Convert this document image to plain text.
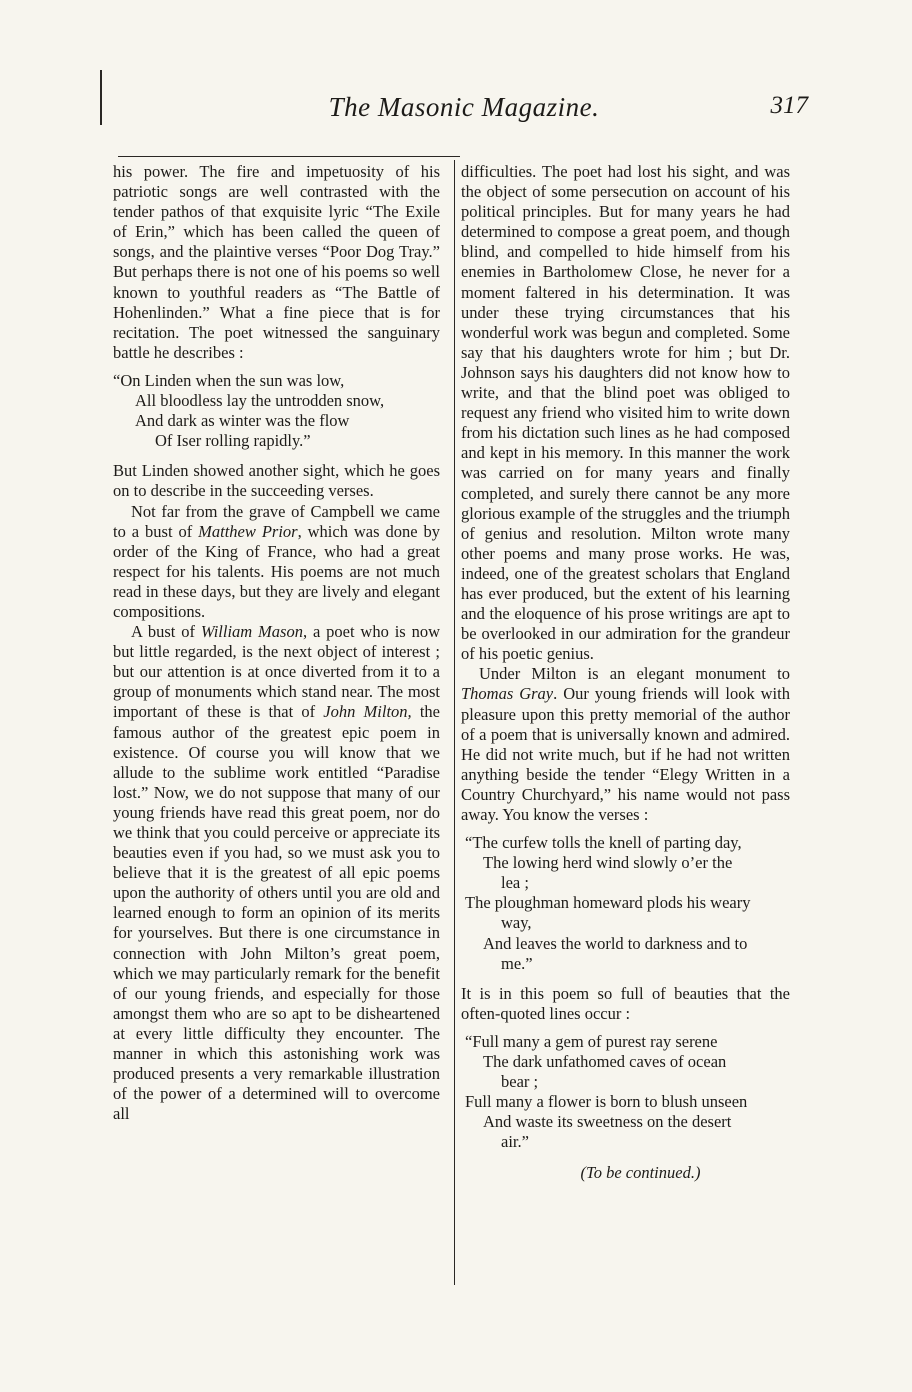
The Masonic Magazine.	317

his power. The fire and impetuosity of his patriotic songs are well contrasted with the tender pathos of that exquisite lyric “The Exile of Erin,” which has been called the queen of songs, and the plaintive verses “Poor Dog Tray.” But perhaps there is not one of his poems so well known to youthful readers as “The Battle of Hohenlinden.” What a fine piece that is for recitation. The poet witnessed the sanguinary battle he describes :

“On Linden when the sun was low,
All bloodless lay the untrodden snow,
And dark as winter was the flow
Of Iser rolling rapidly.”

But Linden showed another sight, which he goes on to describe in the succeeding verses.

Not far from the grave of Campbell we came to a bust of Matthew Prior, which was done by order of the King of France, who had a great respect for his talents. His poems are not much read in these days, but they are lively and elegant compositions.

A bust of William Mason, a poet who is now but little regarded, is the next object of interest ; but our attention is at once diverted from it to a group of monuments which stand near. The most important of these is that of John Milton, the famous author of the greatest epic poem in existence. Of course you will know that we allude to the sublime work entitled “Paradise lost.” Now, we do not suppose that many of our young friends have read this great poem, nor do we think that you could perceive or appreciate its beauties even if you had, so we must ask you to believe that it is the greatest of all epic poems upon the authority of others until you are old and learned enough to form an opinion of its merits for yourselves. But there is one circumstance in connection with John Milton’s great poem, which we may particularly remark for the benefit of our young friends, and especially for those amongst them who are so apt to be disheartened at every little difficulty they encounter. The manner in which this astonishing work was produced presents a very remarkable illustration of the power of a determined will to overcome all

difficulties. The poet had lost his sight, and was the object of some persecution on account of his political principles. But for many years he had determined to compose a great poem, and though blind, and compelled to hide himself from his enemies in Bartholomew Close, he never for a moment faltered in his determination. It was under these trying circumstances that his wonderful work was begun and completed. Some say that his daughters wrote for him ; but Dr. Johnson says his daughters did not know how to write, and that the blind poet was obliged to request any friend who visited him to write down from his dictation such lines as he had composed and kept in his memory. In this manner the work was carried on for many years and finally completed, and surely there cannot be any more glorious example of the struggles and the triumph of genius and resolution. Milton wrote many other poems and many prose works. He was, indeed, one of the greatest scholars that England has ever produced, but the extent of his learning and the eloquence of his prose writings are apt to be overlooked in our admiration for the grandeur of his poetic genius.

Under Milton is an elegant monument to Thomas Gray. Our young friends will look with pleasure upon this pretty memorial of the author of a poem that is universally known and admired. He did not write much, but if he had not written anything beside the tender “Elegy Written in a Country Churchyard,” his name would not pass away. You know the verses :

“The curfew tolls the knell of parting day,
The lowing herd wind slowly o’er the
lea ;
The ploughman homeward plods his weary
way,
And leaves the world to darkness and to
me.”

It is in this poem so full of beauties that the often-quoted lines occur :

“Full many a gem of purest ray serene
The dark unfathomed caves of ocean
bear ;
Full many a flower is born to blush unseen
And waste its sweetness on the desert
air.”
(To be continued.)
